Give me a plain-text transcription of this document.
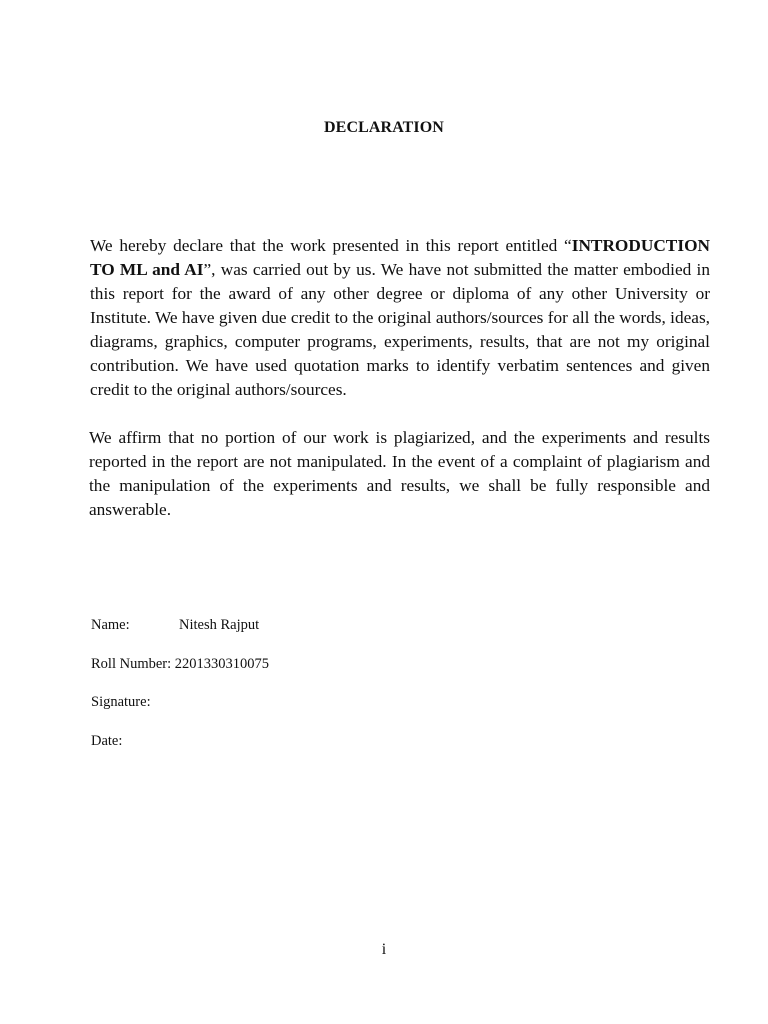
DECLARATION

We hereby declare that the work presented in this report entitled “INTRODUCTION TO ML and AI”, was carried out by us. We have not submitted the matter embodied in this report for the award of any other degree or diploma of any other University or Institute. We have given due credit to the original authors/sources for all the words, ideas, diagrams, graphics, computer programs, experiments, results, that are not my original contribution. We have used quotation marks to identify verbatim sentences and given credit to the original authors/sources.

We affirm that no portion of our work is plagiarized, and the experiments and results reported in the report are not manipulated. In the event of a complaint of plagiarism and the manipulation of the experiments and results, we shall be fully responsible and answerable.

Name:	Nitesh Rajput
Roll Number: 2201330310075
Signature:
Date:
i
